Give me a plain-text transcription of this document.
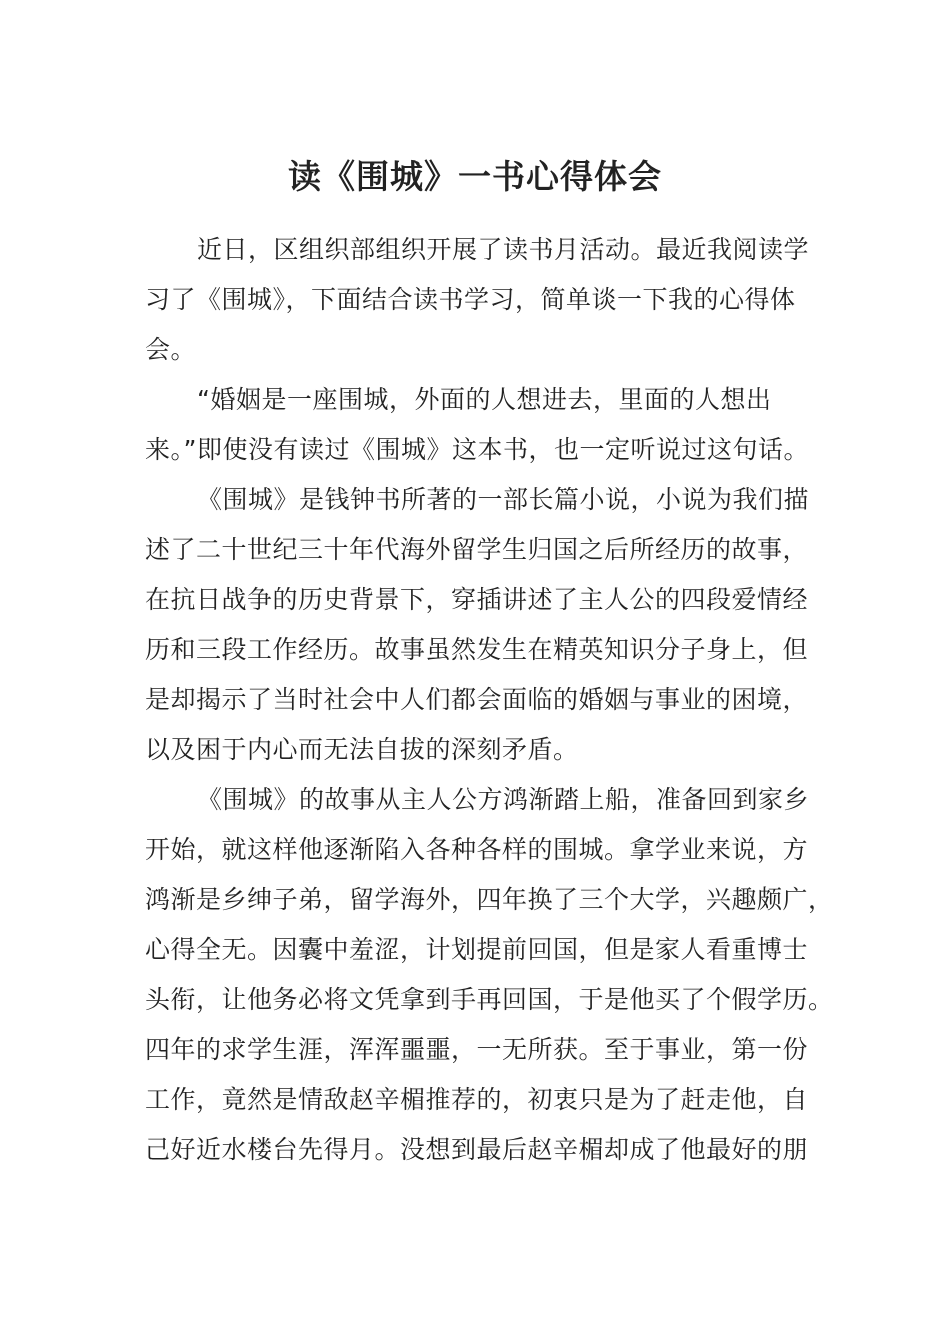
读《围城》一书心得体会
近日，区组织部组织开展了读书月活动。最近我阅读学
习了《围城》，下面结合读书学习，简单谈一下我的心得体
会。
“婚姻是一座围城，外面的人想进去，里面的人想出
来。”即使没有读过《围城》这本书，也一定听说过这句话。
《围城》是钱钟书所著的一部长篇小说，小说为我们描
述了二十世纪三十年代海外留学生归国之后所经历的故事，
在抗日战争的历史背景下，穿插讲述了主人公的四段爱情经
历和三段工作经历。故事虽然发生在精英知识分子身上，但
是却揭示了当时社会中人们都会面临的婚姻与事业的困境，
以及困于内心而无法自拔的深刻矛盾。
《围城》的故事从主人公方鸿渐踏上船，准备回到家乡
开始，就这样他逐渐陷入各种各样的围城。拿学业来说，方
鸿渐是乡绅子弟，留学海外，四年换了三个大学，兴趣颇广，
心得全无。因囊中羞涩，计划提前回国，但是家人看重博士
头衔，让他务必将文凭拿到手再回国，于是他买了个假学历。
四年的求学生涯，浑浑噩噩，一无所获。至于事业，第一份
工作，竟然是情敌赵辛楣推荐的，初衷只是为了赶走他，自
己好近水楼台先得月。没想到最后赵辛楣却成了他最好的朋
